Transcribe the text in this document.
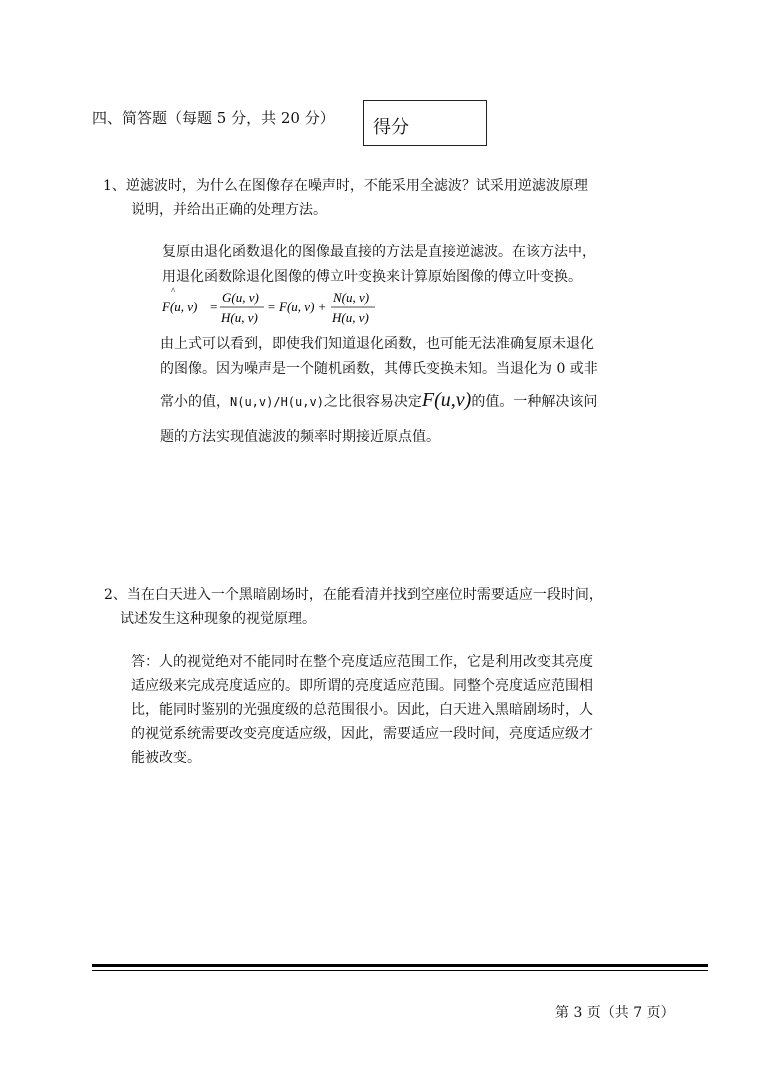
四、简答题（每题 5 分，共 20 分） 得分
1、逆滤波时，为什么在图像存在噪声时，不能采用全滤波？试采用逆滤波原理
说明，并给出正确的处理方法。
复原由退化函数退化的图像最直接的方法是直接逆滤波。在该方法中，
用退化函数除退化图像的傅立叶变换来计算原始图像的傅立叶变换。
^
F(u, v) =
G(u, v)
H(u, v)
= F(u, v) +
N(u, v)
H(u, v)
由上式可以看到，即使我们知道退化函数，也可能无法准确复原未退化
的图像。因为噪声是一个随机函数，其傅氏变换未知。当退化为 0 或非
常小的值，N(u,v)/H(u,v)之比很容易决定F(u,v)的值。一种解决该问
题的方法实现值滤波的频率时期接近原点值。
2、当在白天进入一个黑暗剧场时，在能看清并找到空座位时需要适应一段时间，
试述发生这种现象的视觉原理。
答：人的视觉绝对不能同时在整个亮度适应范围工作，它是利用改变其亮度
适应级来完成亮度适应的。即所谓的亮度适应范围。同整个亮度适应范围相
比，能同时鉴别的光强度级的总范围很小。因此，白天进入黑暗剧场时，人
的视觉系统需要改变亮度适应级，因此，需要适应一段时间，亮度适应级才
能被改变。
第 3 页（共 7 页）
